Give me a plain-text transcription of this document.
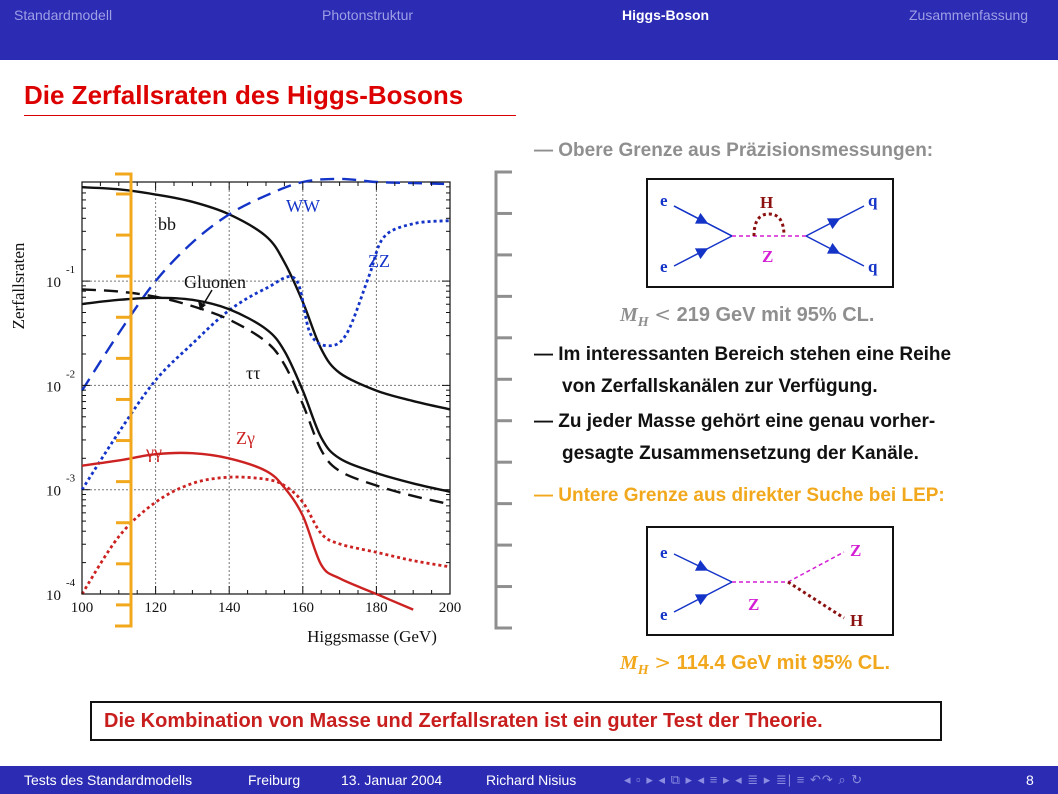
Standardmodell	Photonstruktur	Higgs-Boson	Zusammenfassung
Die Zerfallsraten des Higgs-Bosons
100	120	140	160	180	200
10
-4
10
-3
10
-2
10
-1
bb
WW
ZZ
Gluonen
ττ
Zγ
γγ
Zerfallsraten
Higgsmasse (GeV)
— Obere Grenze aus Präzisionsmessungen:
e
e
H
Z
q
q
$M_H < 219$ GeV mit 95% CL.
— Im interessanten Bereich stehen eine Reihe
von Zerfallskanälen zur Verfügung.
— Zu jeder Masse gehört eine genau vorher-
gesagte Zusammensetzung der Kanäle.
— Untere Grenze aus direkter Suche bei LEP:
e
e
Z
Z
H
$M_H > 114.4$ GeV mit 95% CL.
Die Kombination von Masse und Zerfallsraten ist ein guter Test der Theorie.
Tests des Standardmodells	Freiburg	13. Januar 2004	Richard Nisius	◂ ▫ ▸ ◂ ⧉ ▸ ◂ ≡ ▸ ◂ ≣ ▸ ≣| ≡ ↶↷ ⌕ ↻	8
